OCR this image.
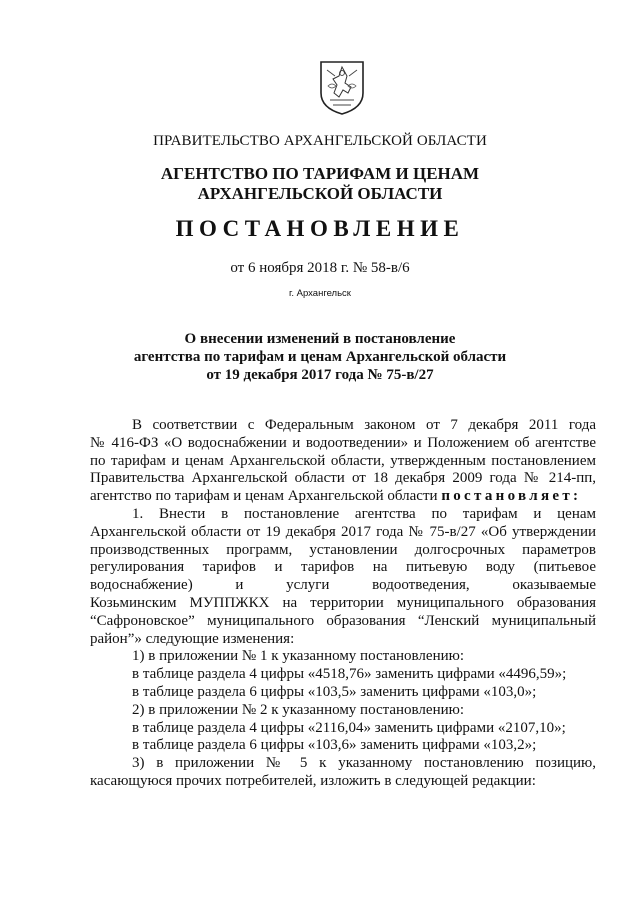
ПРАВИТЕЛЬСТВО АРХАНГЕЛЬСКОЙ ОБЛАСТИ
АГЕНТСТВО ПО ТАРИФАМ И ЦЕНАМ
АРХАНГЕЛЬСКОЙ ОБЛАСТИ
ПОСТАНОВЛЕНИЕ
от 6 ноября 2018 г. № 58-в/6
г. Архангельск
О внесении изменений в постановление
агентства по тарифам и ценам Архангельской области
от 19 декабря 2017 года № 75-в/27

В соответствии с Федеральным законом от 7 декабря 2011 года

№ 416-ФЗ «О водоснабжении и водоотведении» и Положением об агентстве

по тарифам и ценам Архангельской области, утвержденным постановлением

Правительства Архангельской области от 18 декабря 2009 года № 214-пп,

агентство по тарифам и ценам Архангельской области постановляет:

1. Внести в постановление агентства по тарифам и ценам

Архангельской области от 19 декабря 2017 года № 75-в/27 «Об утверждении

производственных программ, установлении долгосрочных параметров

регулирования тарифов и тарифов на питьевую воду (питьевое

водоснабжение) и услуги водоотведения, оказываемые

Козьминским МУППЖКХ на территории муниципального образования

“Сафроновское” муниципального образования “Ленский муниципальный

район”» следующие изменения:

1) в приложении № 1 к указанному постановлению:

в таблице раздела 4 цифры «4518,76» заменить цифрами «4496,59»;

в таблице раздела 6 цифры «103,5» заменить цифрами «103,0»;

2) в приложении № 2 к указанному постановлению:

в таблице раздела 4 цифры «2116,04» заменить цифрами «2107,10»;

в таблице раздела 6 цифры «103,6» заменить цифрами «103,2»;

3) в приложении № 5 к указанному постановлению позицию,

касающуюся прочих потребителей, изложить в следующей редакции:
